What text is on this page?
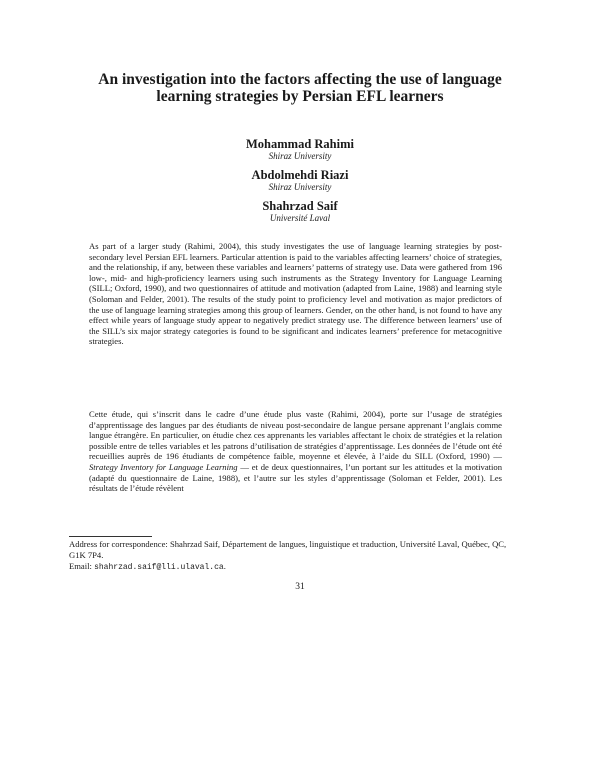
An investigation into the factors affecting the use of language learning strategies by Persian EFL learners
Mohammad Rahimi
Shiraz University
Abdolmehdi Riazi
Shiraz University
Shahrzad Saif
Université Laval

As part of a larger study (Rahimi, 2004), this study investigates the use of language learning strategies by post-secondary level Persian EFL learners. Particular attention is paid to the variables affecting learners’ choice of strategies, and the relationship, if any, between these variables and learners’ patterns of strategy use. Data were gathered from 196 low-, mid- and high-proficiency learners using such instruments as the Strategy Inventory for Language Learning (SILL; Oxford, 1990), and two questionnaires of attitude and motivation (adapted from Laine, 1988) and learning style (Soloman and Felder, 2001). The results of the study point to proficiency level and motivation as major predictors of the use of language learning strategies among this group of learners. Gender, on the other hand, is not found to have any effect while years of language study appear to negatively predict strategy use. The difference between learners’ use of the SILL’s six major strategy categories is found to be significant and indicates learners’ preference for metacognitive strategies.

Cette étude, qui s’inscrit dans le cadre d’une étude plus vaste (Rahimi, 2004), porte sur l’usage de stratégies d’apprentissage des langues par des étudiants de niveau post-secondaire de langue persane apprenant l’anglais comme langue étrangère. En particulier, on étudie chez ces apprenants les variables affectant le choix de stratégies et la relation possible entre de telles variables et les patrons d’utilisation de stratégies d’apprentissage. Les données de l’étude ont été recueillies auprès de 196 étudiants de compétence faible, moyenne et élevée, à l’aide du SILL (Oxford, 1990) —Strategy Inventory for Language Learning — et de deux questionnaires, l’un portant sur les attitudes et la motivation (adapté du questionnaire de Laine, 1988), et l’autre sur les styles d’apprentissage (Soloman et Felder, 2001). Les résultats de l’étude révèlent

Address for correspondence: Shahrzad Saif, Département de langues, linguistique et traduction, Université Laval, Québec, QC, G1K 7P4.
Email: shahrzad.saif@lli.ulaval.ca.
31
